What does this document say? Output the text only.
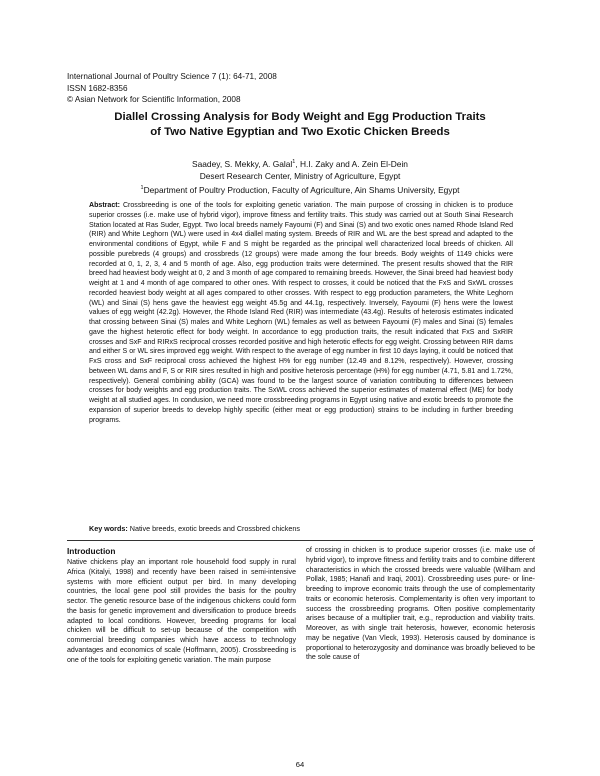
International Journal of Poultry Science 7 (1): 64-71, 2008
ISSN 1682-8356
© Asian Network for Scientific Information, 2008
Diallel Crossing Analysis for Body Weight and Egg Production Traits
of Two Native Egyptian and Two Exotic Chicken Breeds
Saadey, S. Mekky, A. Galal$^1$, H.I. Zaky and A. Zein El-Dein
Desert Research Center, Ministry of Agriculture, Egypt
$^1$Department of Poultry Production, Faculty of Agriculture, Ain Shams University, Egypt
Abstract: Crossbreeding is one of the tools for exploiting genetic variation. The main purpose of crossing in chicken is to produce superior crosses (i.e. make use of hybrid vigor), improve fitness and fertility traits. This study was carried out at South Sinai Research Station located at Ras Suder, Egypt. Two local breeds namely Fayoumi (F) and Sinai (S) and two exotic ones named Rhode Island Red (RIR) and White Leghorn (WL) were used in 4x4 diallel mating system. Breeds of RIR and WL are the best spread and adapted to the environmental conditions of Egypt, while F and S might be regarded as the principal well characterized local breeds of chicken. All possible purebreds (4 groups) and crossbreds (12 groups) were made among the four breeds. Body weights of 1149 chicks were recorded at 0, 1, 2, 3, 4 and 5 month of age. Also, egg production traits were determined. The present results showed that the RIR breed had heaviest body weight at 0, 2 and 3 month of age compared to remaining breeds. However, the Sinai breed had heaviest body weight at 1 and 4 month of age compared to other ones. With respect to crosses, it could be noticed that the FxS and SxWL crosses recorded heaviest body weight at all ages compared to other crosses. With respect to egg production parameters, the White Leghorn (WL) and Sinai (S) hens gave the heaviest egg weight 45.5g and 44.1g, respectively. Inversely, Fayoumi (F) hens were the lowest values of egg weight (42.2g). However, the Rhode Island Red (RIR) was intermediate (43.4g). Results of heterosis estimates indicated that crossing between Sinai (S) males and White Leghorn (WL) females as well as between Fayoumi (F) males and Sinai (S) females gave the highest heterotic effect for body weight. In accordance to egg production traits, the result indicated that FxS and SxRIR crosses and SxF and RIRxS reciprocal crosses recorded positive and high heterotic effects for egg weight. Crossing between RIR dams and either S or WL sires improved egg weight. With respect to the average of egg number in first 10 days laying, it could be noticed that FxS cross and SxF reciprocal cross achieved the highest H% for egg number (12.49 and 8.12%, respectively). However, crossing between WL dams and F, S or RIR sires resulted in high and positive heterosis percentage (H%) for egg number (4.71, 5.81 and 1.72%, respectively). General combining ability (GCA) was found to be the largest source of variation contributing to differences between crosses for body weights and egg production traits. The SxWL cross achieved the superior estimates of maternal effect (ME) for body weight at all studied ages. In condusion, we need more crossbreeding programs in Egypt using native and exotic breeds to promote the expansion of superior breeds to develop highly specific (either meat or egg production) strains to be including in further breeding programs.
Key words: Native breeds, exotic breeds and Crossbred chickens
Introduction
Native chickens play an important role household food supply in rural Africa (Kitalyi, 1998) and recently have been raised in semi-intensive systems with more efficient output per bird. In many developing countries, the local gene pool still provides the basis for the poultry sector. The genetic resource base of the indigenous chickens could form the basis for genetic improvement and diversification to produce breeds adapted to local conditions. However, breeding programs for local chicken will be difficult to set-up because of the competition with commercial breeding companies which have access to technology advantages and economics of scale (Hoffmann, 2005). Crossbreeding is one of the tools for exploiting genetic variation. The main purpose
of crossing in chicken is to produce superior crosses (i.e. make use of hybrid vigor), to improve fitness and fertility traits and to combine different characteristics in which the crossed breeds were valuable (Willham and Pollak, 1985; Hanafi and Iraqi, 2001). Crossbreeding uses pure- or line-breeding to improve economic traits through the use of complementarity traits or economic heterosis. Complementarity is often very important to success the crossbreeding programs. Often positive complementarity arises because of a multiplier trait, e.g., reproduction and viability traits. Moreover, as with single trait heterosis, however, economic heterosis may be negative (Van Vleck, 1993). Heterosis caused by dominance is proportional to heterozygosity and dominance was broadly believed to be the sole cause of
64
